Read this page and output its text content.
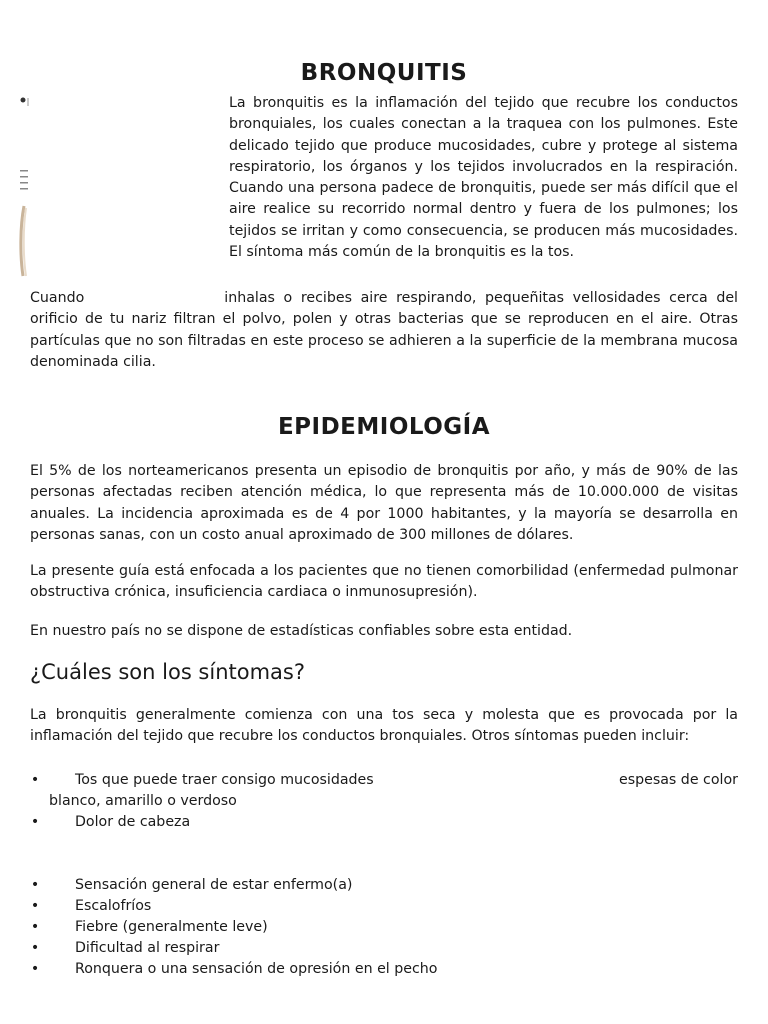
BRONQUITIS
La bronquitis es la inflamación del tejido que recubre los conductos bronquiales, los cuales conectan a la traquea con los pulmones. Este delicado tejido que produce mucosidades, cubre y protege al sistema respiratorio, los órganos y los tejidos involucrados en la respiración. Cuando una persona padece de bronquitis, puede ser más difícil que el aire realice su recorrido normal dentro y fuera de los pulmones; los tejidos se irritan y como consecuencia, se producen más mucosidades. El síntoma más común de la bronquitis es la tos.
Cuando	inhalas o recibes aire respirando, pequeñitas vellosidades cerca del orificio de tu nariz filtran el polvo, polen y otras bacterias que se reproducen en el aire. Otras partículas que no son filtradas en este proceso se adhieren a la superficie de la membrana mucosa denominada cilia.
EPIDEMIOLOGÍA
El 5% de los norteamericanos presenta un episodio de bronquitis por año, y más de 90% de las personas afectadas reciben atención médica, lo que representa más de 10.000.000 de visitas anuales. La incidencia aproximada es de 4 por 1000 habitantes, y la mayoría se desarrolla en personas sanas, con un costo anual aproximado de 300 millones de dólares.
La presente guía está enfocada a los pacientes que no tienen comorbilidad (enfermedad pulmonar obstructiva crónica, insuficiencia cardiaca o inmunosupresión).
En nuestro país no se dispone de estadísticas confiables sobre esta entidad.
¿Cuáles son los síntomas?
La bronquitis generalmente comienza con una tos seca y molesta que es provocada por la inflamación del tejido que recubre los conductos bronquiales. Otros síntomas pueden incluir:
•	Tos que puede traer consigo mucosidades	espesas de color
blanco, amarillo o verdoso
•	Dolor de cabeza
•	Sensación general de estar enfermo(a)
•	Escalofríos
•	Fiebre (generalmente leve)
•	Dificultad al respirar
•	Ronquera o una sensación de opresión en el pecho
